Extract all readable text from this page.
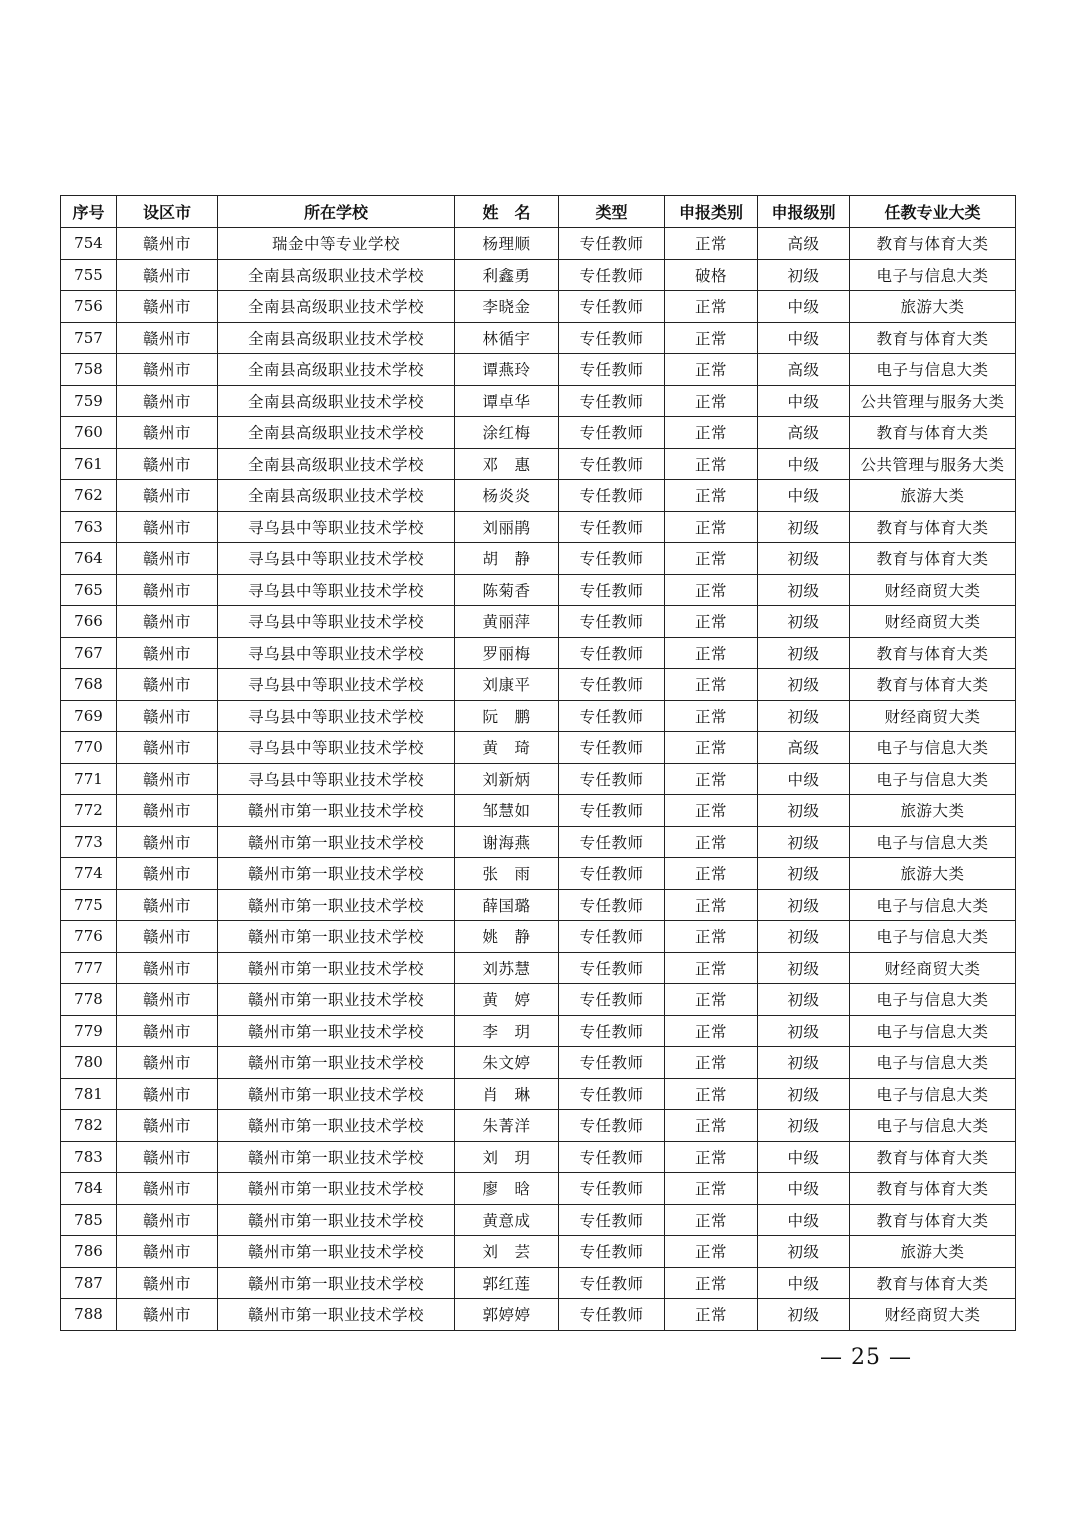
序号	设区市	所在学校	姓　名	类型	申报类别	申报级别	任教专业大类
754	赣州市	瑞金中等专业学校	杨理顺	专任教师	正常	高级	教育与体育大类
755	赣州市	全南县高级职业技术学校	利鑫勇	专任教师	破格	初级	电子与信息大类
756	赣州市	全南县高级职业技术学校	李晓金	专任教师	正常	中级	旅游大类
757	赣州市	全南县高级职业技术学校	林循宇	专任教师	正常	中级	教育与体育大类
758	赣州市	全南县高级职业技术学校	谭燕玲	专任教师	正常	高级	电子与信息大类
759	赣州市	全南县高级职业技术学校	谭卓华	专任教师	正常	中级	公共管理与服务大类
760	赣州市	全南县高级职业技术学校	涂红梅	专任教师	正常	高级	教育与体育大类
761	赣州市	全南县高级职业技术学校	邓　惠	专任教师	正常	中级	公共管理与服务大类
762	赣州市	全南县高级职业技术学校	杨炎炎	专任教师	正常	中级	旅游大类
763	赣州市	寻乌县中等职业技术学校	刘丽鹃	专任教师	正常	初级	教育与体育大类
764	赣州市	寻乌县中等职业技术学校	胡　静	专任教师	正常	初级	教育与体育大类
765	赣州市	寻乌县中等职业技术学校	陈菊香	专任教师	正常	初级	财经商贸大类
766	赣州市	寻乌县中等职业技术学校	黄丽萍	专任教师	正常	初级	财经商贸大类
767	赣州市	寻乌县中等职业技术学校	罗丽梅	专任教师	正常	初级	教育与体育大类
768	赣州市	寻乌县中等职业技术学校	刘康平	专任教师	正常	初级	教育与体育大类
769	赣州市	寻乌县中等职业技术学校	阮　鹏	专任教师	正常	初级	财经商贸大类
770	赣州市	寻乌县中等职业技术学校	黄　琦	专任教师	正常	高级	电子与信息大类
771	赣州市	寻乌县中等职业技术学校	刘新炳	专任教师	正常	中级	电子与信息大类
772	赣州市	赣州市第一职业技术学校	邹慧如	专任教师	正常	初级	旅游大类
773	赣州市	赣州市第一职业技术学校	谢海燕	专任教师	正常	初级	电子与信息大类
774	赣州市	赣州市第一职业技术学校	张　雨	专任教师	正常	初级	旅游大类
775	赣州市	赣州市第一职业技术学校	薛国璐	专任教师	正常	初级	电子与信息大类
776	赣州市	赣州市第一职业技术学校	姚　静	专任教师	正常	初级	电子与信息大类
777	赣州市	赣州市第一职业技术学校	刘苏慧	专任教师	正常	初级	财经商贸大类
778	赣州市	赣州市第一职业技术学校	黄　婷	专任教师	正常	初级	电子与信息大类
779	赣州市	赣州市第一职业技术学校	李　玥	专任教师	正常	初级	电子与信息大类
780	赣州市	赣州市第一职业技术学校	朱文婷	专任教师	正常	初级	电子与信息大类
781	赣州市	赣州市第一职业技术学校	肖　琳	专任教师	正常	初级	电子与信息大类
782	赣州市	赣州市第一职业技术学校	朱菁洋	专任教师	正常	初级	电子与信息大类
783	赣州市	赣州市第一职业技术学校	刘　玥	专任教师	正常	中级	教育与体育大类
784	赣州市	赣州市第一职业技术学校	廖　晗	专任教师	正常	中级	教育与体育大类
785	赣州市	赣州市第一职业技术学校	黄意成	专任教师	正常	中级	教育与体育大类
786	赣州市	赣州市第一职业技术学校	刘　芸	专任教师	正常	初级	旅游大类
787	赣州市	赣州市第一职业技术学校	郭红莲	专任教师	正常	中级	教育与体育大类
788	赣州市	赣州市第一职业技术学校	郭婷婷	专任教师	正常	初级	财经商贸大类
— 25 —
